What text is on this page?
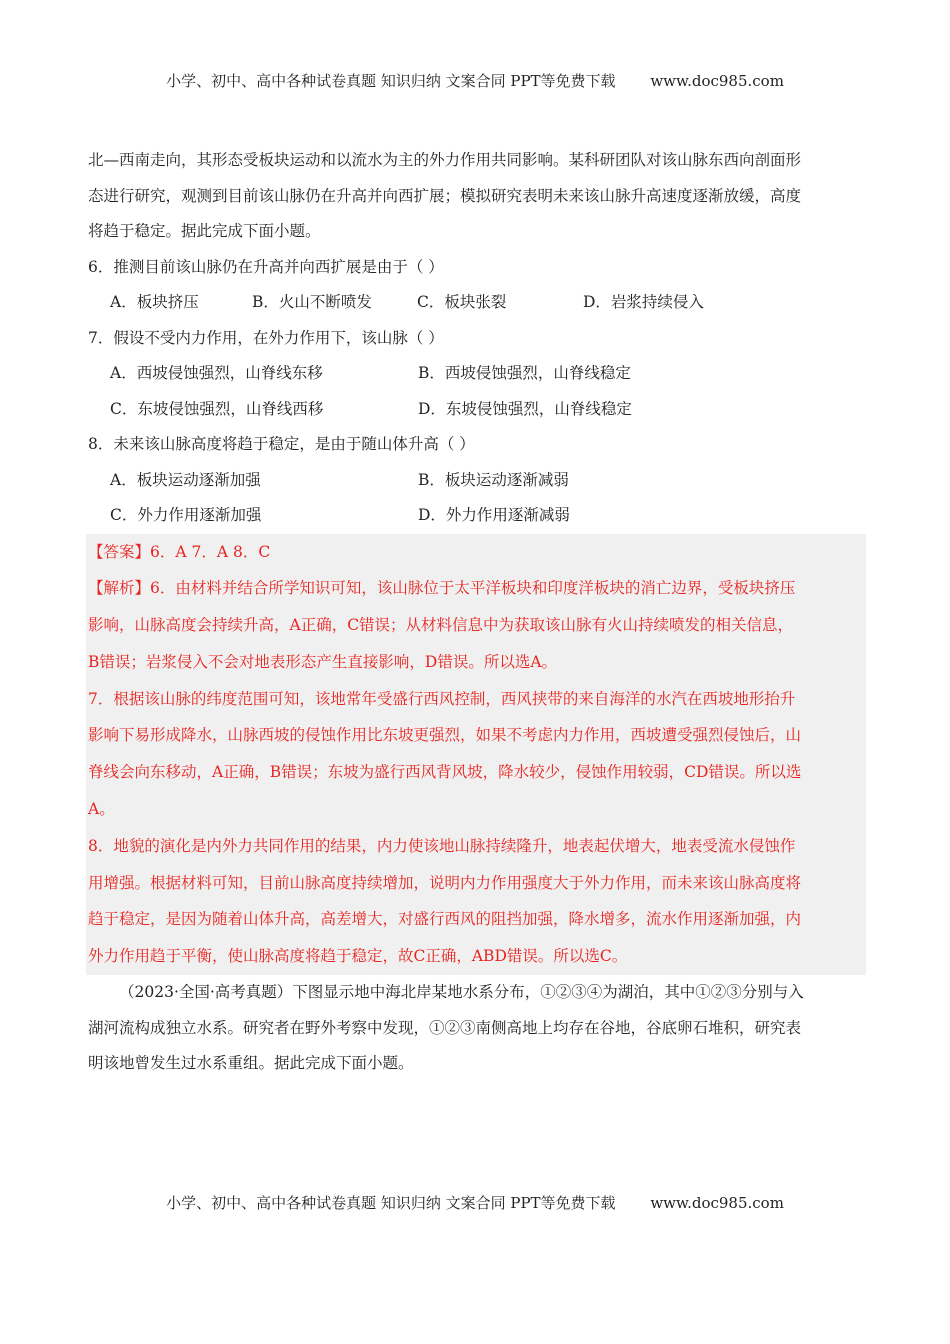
小学、初中、高中各种试卷真题 知识归纳 文案合同 PPT等免费下载 www.doc985.com

北—西南走向，其形态受板块运动和以流水为主的外力作用共同影响。某科研团队对该山脉东西向剖面形

态进行研究，观测到目前该山脉仍在升高并向西扩展；模拟研究表明未来该山脉升高速度逐渐放缓，高度

将趋于稳定。据此完成下面小题。

6．推测目前该山脉仍在升高并向西扩展是由于（ ）

A．板块挤压	B．火山不断喷发	C．板块张裂	D．岩浆持续侵入

7．假设不受内力作用，在外力作用下，该山脉（ ）

A．西坡侵蚀强烈，山脊线东移	B．西坡侵蚀强烈，山脊线稳定
C．东坡侵蚀强烈，山脊线西移	D．东坡侵蚀强烈，山脊线稳定

8．未来该山脉高度将趋于稳定，是由于随山体升高（ ）

A．板块运动逐渐加强	B．板块运动逐渐减弱
C．外力作用逐渐加强	D．外力作用逐渐减弱

【答案】6．A 7．A 8．C

【解析】6．由材料并结合所学知识可知，该山脉位于太平洋板块和印度洋板块的消亡边界，受板块挤压

影响，山脉高度会持续升高，A正确，C错误；从材料信息中为获取该山脉有火山持续喷发的相关信息，

B错误；岩浆侵入不会对地表形态产生直接影响，D错误。所以选A。

7．根据该山脉的纬度范围可知，该地常年受盛行西风控制，西风挟带的来自海洋的水汽在西坡地形抬升

影响下易形成降水，山脉西坡的侵蚀作用比东坡更强烈，如果不考虑内力作用，西坡遭受强烈侵蚀后，山

脊线会向东移动，A正确，B错误；东坡为盛行西风背风坡，降水较少，侵蚀作用较弱，CD错误。所以选

A。

8．地貌的演化是内外力共同作用的结果，内力使该地山脉持续隆升，地表起伏增大，地表受流水侵蚀作

用增强。根据材料可知，目前山脉高度持续增加，说明内力作用强度大于外力作用，而未来该山脉高度将

趋于稳定，是因为随着山体升高，高差增大，对盛行西风的阻挡加强，降水增多，流水作用逐渐加强，内

外力作用趋于平衡，使山脉高度将趋于稳定，故C正确，ABD错误。所以选C。

（2023·全国·高考真题）下图显示地中海北岸某地水系分布，①②③④为湖泊，其中①②③分别与入

湖河流构成独立水系。研究者在野外考察中发现，①②③南侧高地上均存在谷地，谷底卵石堆积，研究表

明该地曾发生过水系重组。据此完成下面小题。

小学、初中、高中各种试卷真题 知识归纳 文案合同 PPT等免费下载 www.doc985.com
